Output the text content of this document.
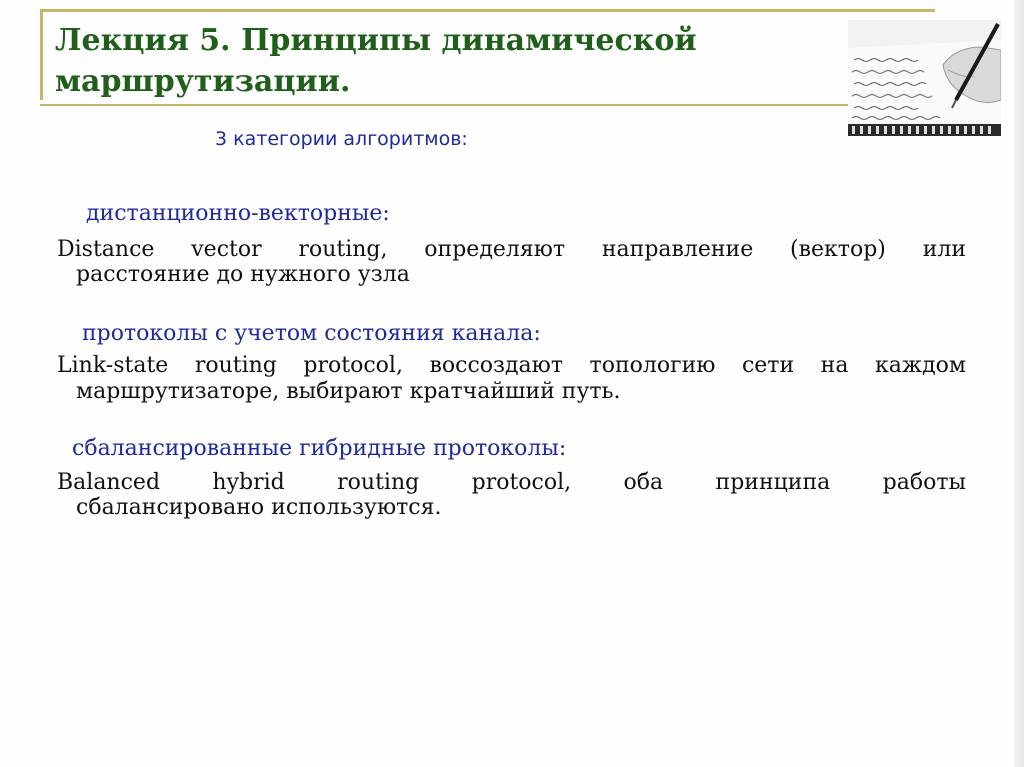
Лекция 5. Принципы динамической маршрутизации.
3 категории алгоритмов:
дистанционно-векторные:
Distance vector routing, определяют направление (вектор) или
расстояние до нужного узла
протоколы с учетом состояния канала:
Link-state routing protocol, воссоздают топологию сети на каждом
маршрутизаторе, выбирают кратчайший путь.
сбалансированные гибридные протоколы:
Balanced hybrid routing protocol, оба принципа работы
сбалансировано используются.
